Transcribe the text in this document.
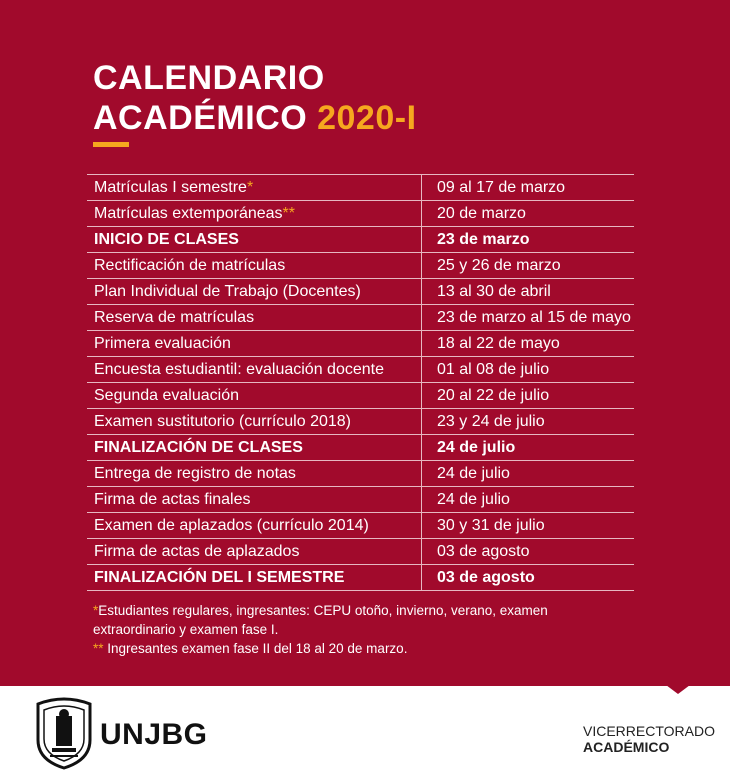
CALENDARIO
ACADÉMICO 2020-I
Matrículas I semestre*	09 al 17 de marzo
Matrículas extemporáneas**	20 de marzo
INICIO DE CLASES	23 de marzo
Rectificación de matrículas	25 y 26 de marzo
Plan Individual de Trabajo (Docentes)	13 al 30 de abril
Reserva de matrículas	23 de marzo al 15 de mayo
Primera evaluación	18 al 22 de mayo
Encuesta estudiantil: evaluación docente	01 al 08 de julio
Segunda evaluación	20 al 22 de julio
Examen sustitutorio (currículo 2018)	23 y 24 de julio
FINALIZACIÓN DE CLASES	24 de julio
Entrega de registro de notas	24 de julio
Firma de actas finales	24 de julio
Examen de aplazados (currículo 2014)	30 y 31 de julio
Firma de actas de aplazados	03 de agosto
FINALIZACIÓN DEL I SEMESTRE	03 de agosto
*Estudiantes regulares, ingresantes: CEPU otoño, invierno, verano, examen extraordinario y examen fase I.
** Ingresantes examen fase II del 18 al 20 de marzo.
UNJBG	VICERRECTORADO
ACADÉMICO
